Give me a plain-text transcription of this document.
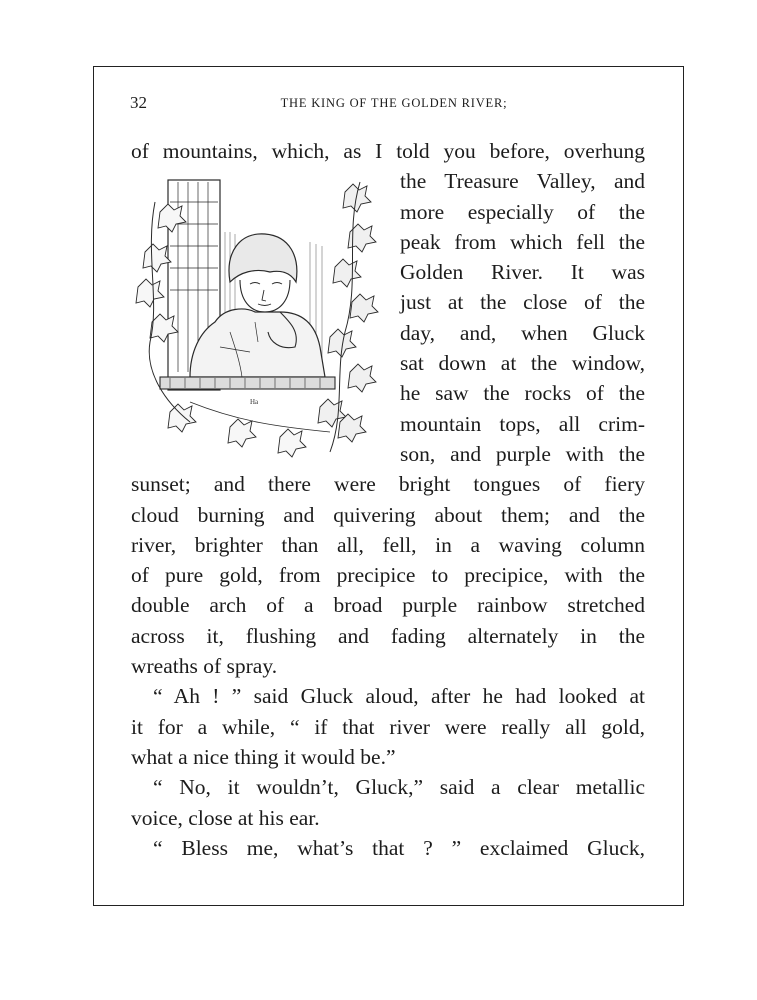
32	THE KING OF THE GOLDEN RIVER;
Ha
of mountains, which, as I told you before, overhung
the Treasure Valley, and
more especially of the
peak from which fell the
Golden River. It was
just at the close of the
day, and, when Gluck
sat down at the window,
he saw the rocks of the
mountain tops, all crim-
son, and purple with the
sunset; and there were bright tongues of fiery
cloud burning and quivering about them; and the
river, brighter than all, fell, in a waving column
of pure gold, from precipice to precipice, with the
double arch of a broad purple rainbow stretched
across it, flushing and fading alternately in the
wreaths of spray.
“ Ah ! ” said Gluck aloud, after he had looked at
it for a while, “ if that river were really all gold,
what a nice thing it would be.”
“ No, it wouldn’t, Gluck,” said a clear metallic
voice, close at his ear.
“ Bless me, what’s that ? ” exclaimed Gluck,
